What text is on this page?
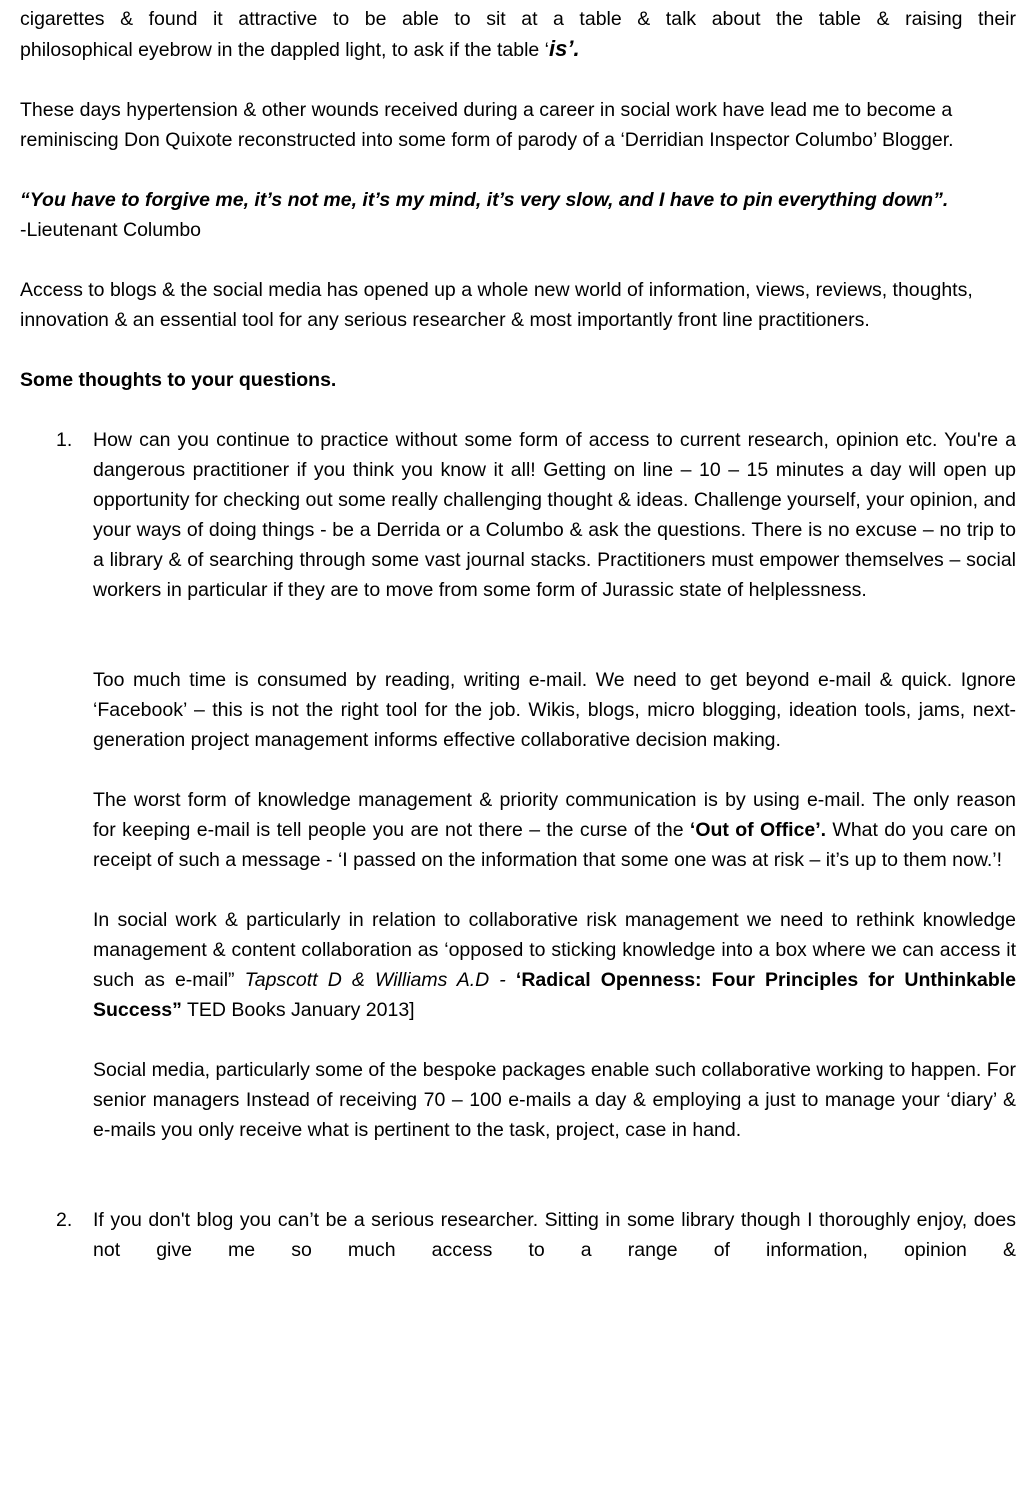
cigarettes & found it attractive to be able to sit at a table & talk about the table & raising their

philosophical eyebrow in the dappled light, to ask if the table ‘is’.

These days hypertension & other wounds received during a career in social work have lead me to become a reminiscing Don Quixote reconstructed into some form of parody of a ‘Derridian Inspector Columbo’ Blogger.

“You have to forgive me, it’s not me, it’s my mind, it’s very slow, and I have to pin everything down”.

-Lieutenant Columbo

Access to blogs & the social media has opened up a whole new world of information, views, reviews, thoughts, innovation & an essential tool for any serious researcher & most importantly front line practitioners.

Some thoughts to your questions.

1. How can you continue to practice without some form of access to current research, opinion etc. You're a dangerous practitioner if you think you know it all! Getting on line – 10 – 15 minutes a day will open up opportunity for checking out some really challenging thought & ideas. Challenge yourself, your opinion, and your ways of doing things - be a Derrida or a Columbo & ask the questions. There is no excuse – no trip to a library & of searching through some vast journal stacks. Practitioners must empower themselves – social workers in particular if they are to move from some form of Jurassic state of helplessness.

Too much time is consumed by reading, writing e-mail. We need to get beyond e-mail & quick. Ignore ‘Facebook’ – this is not the right tool for the job. Wikis, blogs, micro blogging, ideation tools, jams, next-generation project management informs effective collaborative decision making.

The worst form of knowledge management & priority communication is by using e-mail. The only reason for keeping e-mail is tell people you are not there – the curse of the ‘Out of Office’. What do you care on receipt of such a message - ‘I passed on the information that some one was at risk – it’s up to them now.’!

In social work & particularly in relation to collaborative risk management we need to rethink knowledge management & content collaboration as ‘opposed to sticking knowledge into a box where we can access it such as e-mail” Tapscott D & Williams A.D - ‘Radical Openness: Four Principles for Unthinkable Success” TED Books January 2013]

Social media, particularly some of the bespoke packages enable such collaborative working to happen. For senior managers Instead of receiving 70 – 100 e-mails a day & employing a just to manage your ‘diary’ & e-mails you only receive what is pertinent to the task, project, case in hand.

2. If you don't blog you can’t be a serious researcher. Sitting in some library though I thoroughly enjoy, does not give me so much access to a range of information, opinion &
